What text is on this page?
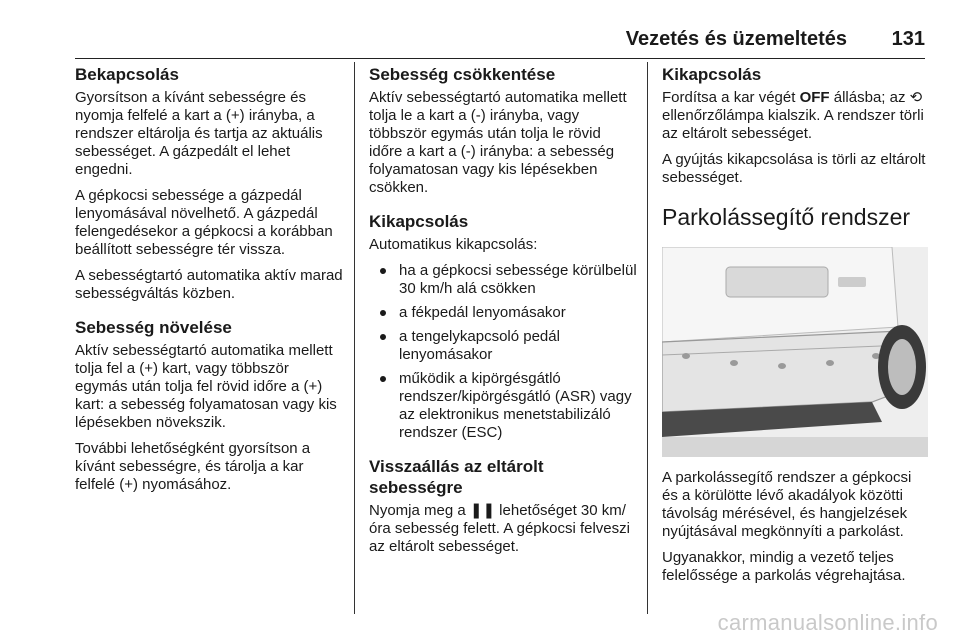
Vezetés és üzemeltetés 131
Bekapcsolás

Gyorsítson a kívánt sebességre és nyomja felfelé a kart a (+) irányba, a rendszer eltárolja és tartja az aktuális sebességet. A gázpedált el lehet engedni.

A gépkocsi sebessége a gázpedál lenyomásával növelhető. A gázpedál felengedésekor a gépkocsi a korábban beállított sebességre tér vissza.

A sebességtartó automatika aktív marad sebességváltás közben.

Sebesség növelése

Aktív sebességtartó automatika mellett tolja fel a (+) kart, vagy többször egymás után tolja fel rövid időre a (+) kart: a sebesség folyamatosan vagy kis lépésekben növekszik.

További lehetőségként gyorsítson a kívánt sebességre, és tárolja a kar felfelé (+) nyomásához.

Sebesség csökkentése

Aktív sebességtartó automatika mellett tolja le a kart a (-) irányba, vagy többször egymás után tolja le rövid időre a kart a (-) irányba: a sebesség folyamatosan vagy kis lépésekben csökken.

Kikapcsolás

Automatikus kikapcsolás:

ha a gépkocsi sebessége körülbelül 30 km/h alá csökken
a fékpedál lenyomásakor
a tengelykapcsoló pedál lenyomásakor
működik a kipörgésgátló rendszer/kipörgésgátló (ASR) vagy az elektronikus menetstabilizáló rendszer (ESC)
Visszaállás az eltárolt sebességre

Nyomja meg a ❚❚ lehetőséget 30 km/óra sebesség felett. A gépkocsi felveszi az eltárolt sebességet.

Kikapcsolás

Fordítsa a kar végét OFF állásba; az ⟲ ellenőrzőlámpa kialszik. A rendszer törli az eltárolt sebességet.

A gyújtás kikapcsolása is törli az eltárolt sebességet.

Parkolássegítő rendszer

A parkolássegítő rendszer a gépkocsi és a körülötte lévő akadályok közötti távolság mérésével, és hangjelzések nyújtásával megkönnyíti a parkolást.

Ugyanakkor, mindig a vezető teljes felelőssége a parkolás végrehajtása.

carmanualsonline.info
